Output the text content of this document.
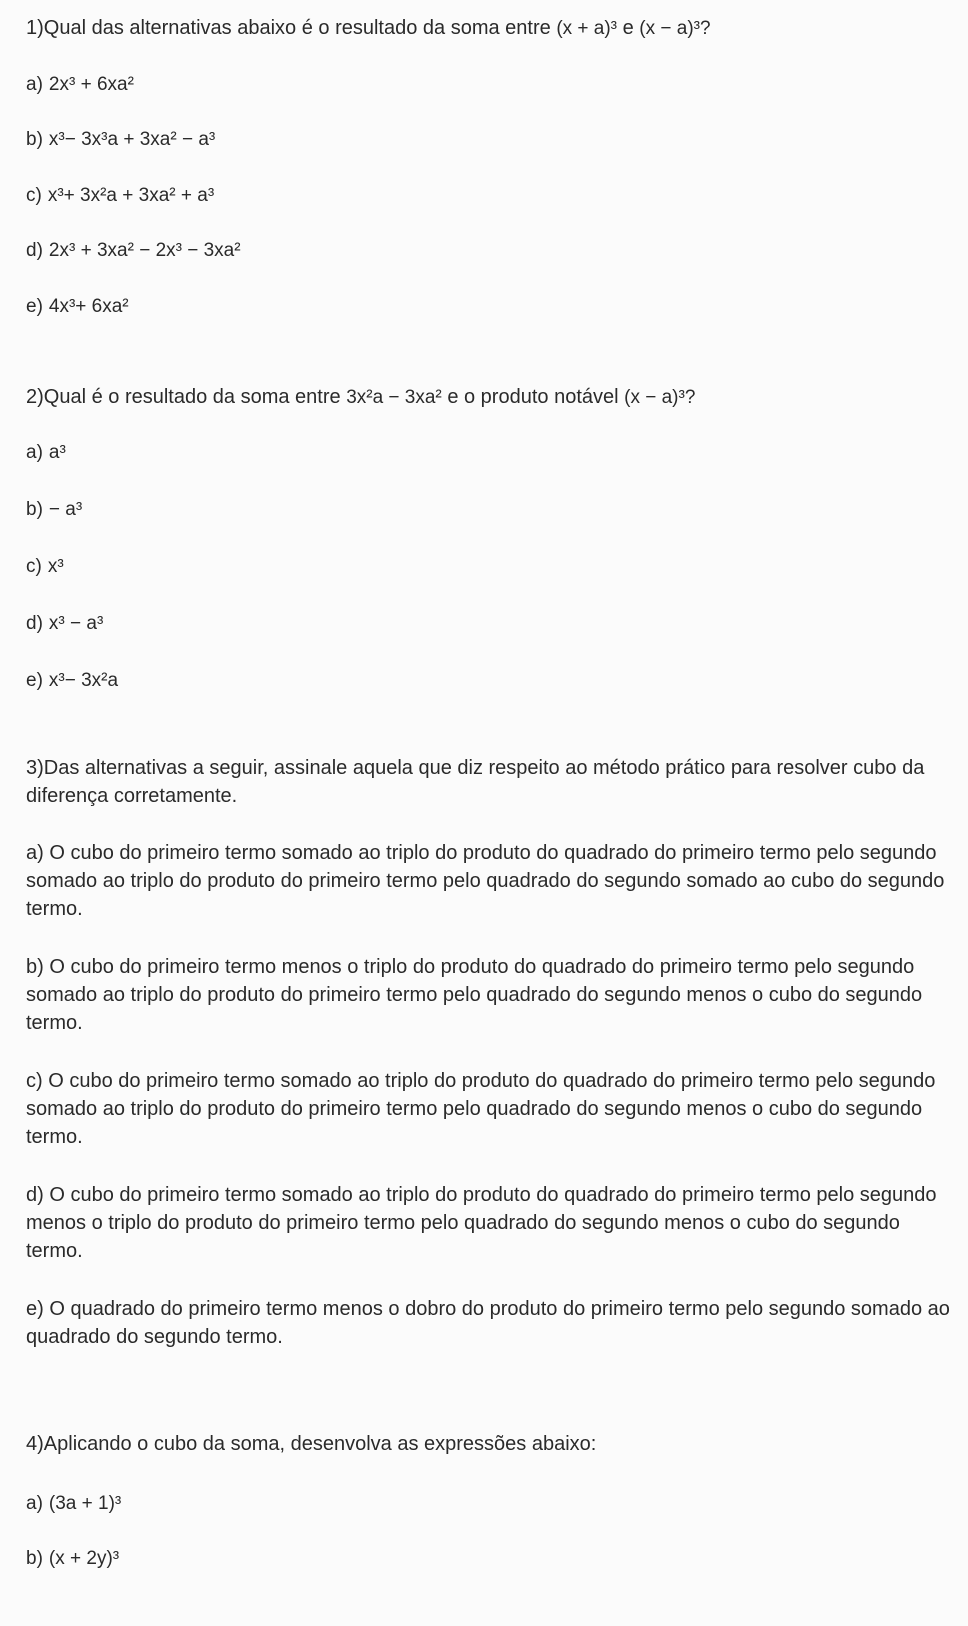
1)Qual das alternativas abaixo é o resultado da soma entre (x + a)³ e (x − a)³?
a) 2x³ + 6xa²
b) x³− 3x³a + 3xa² − a³
c) x³+ 3x²a + 3xa² + a³
d) 2x³ + 3xa² − 2x³ − 3xa²
e) 4x³+ 6xa²
2)Qual é o resultado da soma entre 3x²a − 3xa² e o produto notável (x − a)³?
a) a³
b) − a³
c) x³
d) x³ − a³
e) x³− 3x²a
3)Das alternativas a seguir, assinale aquela que diz respeito ao método prático para resolver cubo da
diferença corretamente.
a) O cubo do primeiro termo somado ao triplo do produto do quadrado do primeiro termo pelo segundo
somado ao triplo do produto do primeiro termo pelo quadrado do segundo somado ao cubo do segundo
termo.
b) O cubo do primeiro termo menos o triplo do produto do quadrado do primeiro termo pelo segundo
somado ao triplo do produto do primeiro termo pelo quadrado do segundo menos o cubo do segundo
termo.
c) O cubo do primeiro termo somado ao triplo do produto do quadrado do primeiro termo pelo segundo
somado ao triplo do produto do primeiro termo pelo quadrado do segundo menos o cubo do segundo
termo.
d) O cubo do primeiro termo somado ao triplo do produto do quadrado do primeiro termo pelo segundo
menos o triplo do produto do primeiro termo pelo quadrado do segundo menos o cubo do segundo
termo.
e) O quadrado do primeiro termo menos o dobro do produto do primeiro termo pelo segundo somado ao
quadrado do segundo termo.
4)Aplicando o cubo da soma, desenvolva as expressões abaixo:
a) (3a + 1)³
b) (x + 2y)³
